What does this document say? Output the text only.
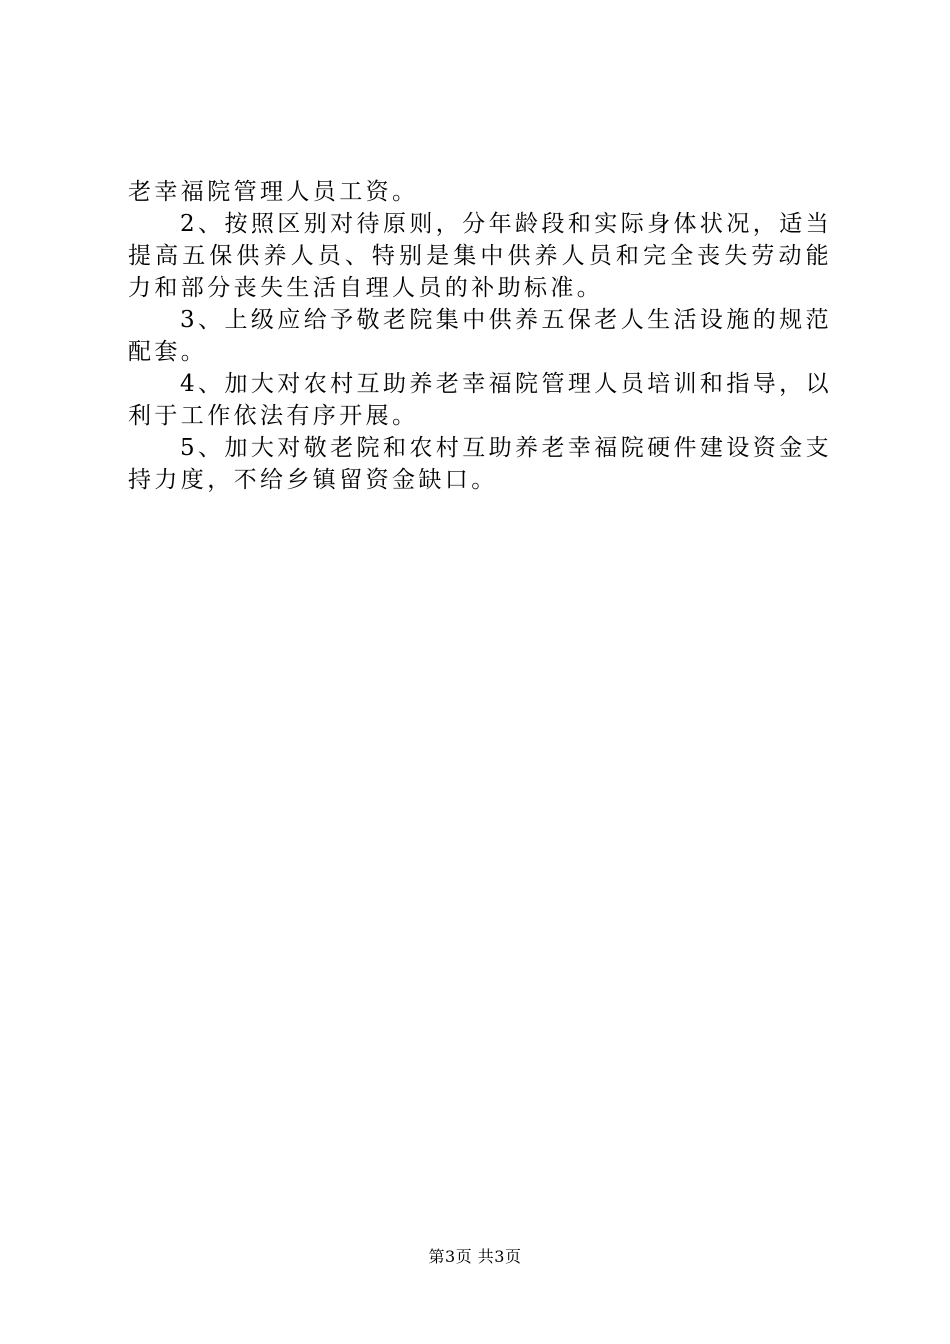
老幸福院管理人员工资。

2、按照区别对待原则，分年龄段和实际身体状况，适当提高五保供养人员、特别是集中供养人员和完全丧失劳动能力和部分丧失生活自理人员的补助标准。

3、上级应给予敬老院集中供养五保老人生活设施的规范配套。

4、加大对农村互助养老幸福院管理人员培训和指导，以利于工作依法有序开展。

5、加大对敬老院和农村互助养老幸福院硬件建设资金支持力度，不给乡镇留资金缺口。

第3页 共3页
